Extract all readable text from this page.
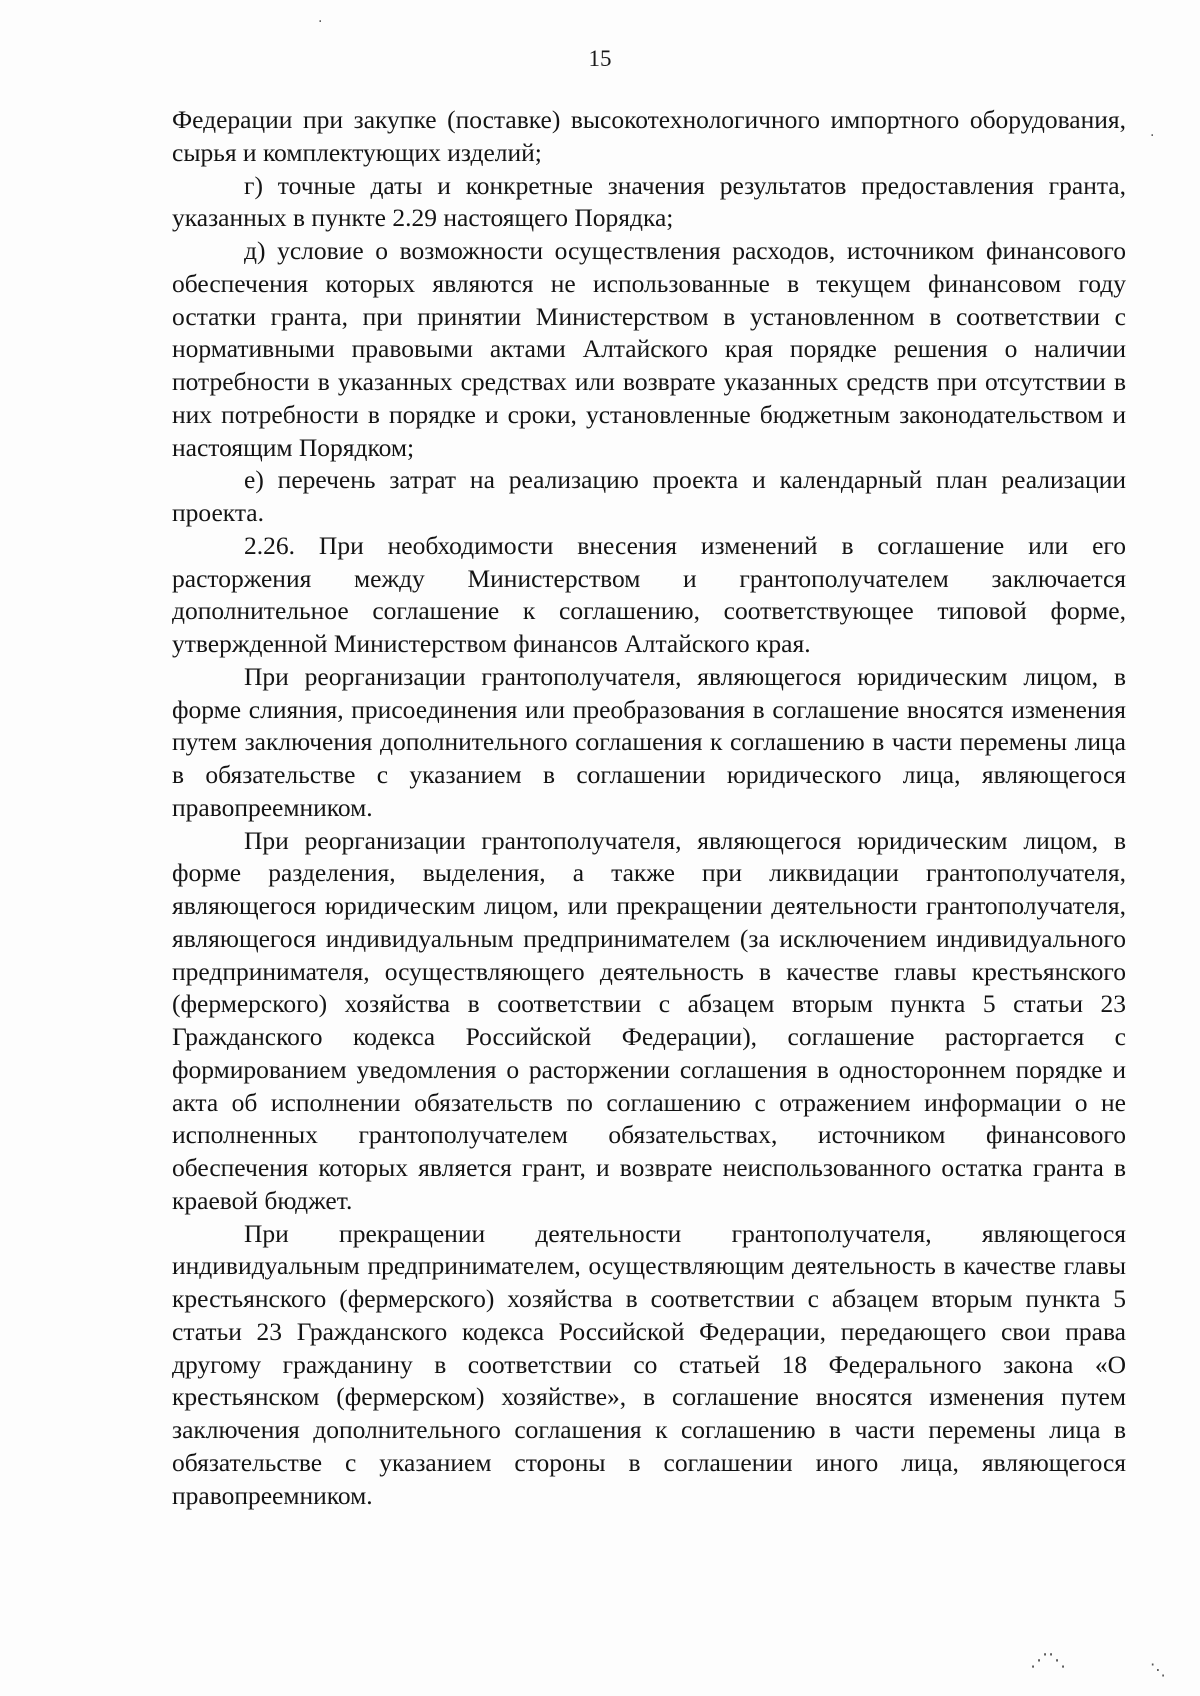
15

Федерации при закупке (поставке) высокотехнологичного импортного оборудования, сырья и комплектующих изделий;

г) точные даты и конкретные значения результатов предоставления гранта, указанных в пункте 2.29 настоящего Порядка;

д) условие о возможности осуществления расходов, источником финансового обеспечения которых являются не использованные в текущем финансовом году остатки гранта, при принятии Министерством в установленном в соответствии с нормативными правовыми актами Алтайского края порядке решения о наличии потребности в указанных средствах или возврате указанных средств при отсутствии в них потребности в порядке и сроки, установленные бюджетным законодательством и настоящим Порядком;

е) перечень затрат на реализацию проекта и календарный план реализации проекта.

2.26. При необходимости внесения изменений в соглашение или его расторжения между Министерством и грантополучателем заключается дополнительное соглашение к соглашению, соответствующее типовой форме, утвержденной Министерством финансов Алтайского края.

При реорганизации грантополучателя, являющегося юридическим лицом, в форме слияния, присоединения или преобразования в соглашение вносятся изменения путем заключения дополнительного соглашения к соглашению в части перемены лица в обязательстве с указанием в соглашении юридического лица, являющегося правопреемником.

При реорганизации грантополучателя, являющегося юридическим лицом, в форме разделения, выделения, а также при ликвидации грантополучателя, являющегося юридическим лицом, или прекращении деятельности грантополучателя, являющегося индивидуальным предпринимателем (за исключением индивидуального предпринимателя, осуществляющего деятельность в качестве главы крестьянского (фермерского) хозяйства в соответствии с абзацем вторым пункта 5 статьи 23 Гражданского кодекса Российской Федерации), соглашение расторгается с формированием уведомления о расторжении соглашения в одностороннем порядке и акта об исполнении обязательств по соглашению с отражением информации о не исполненных грантополучателем обязательствах, источником финансового обеспечения которых является грант, и возврате неиспользованного остатка гранта в краевой бюджет.

При прекращении деятельности грантополучателя, являющегося индивидуальным предпринимателем, осуществляющим деятельность в качестве главы крестьянского (фермерского) хозяйства в соответствии с абзацем вторым пункта 5 статьи 23 Гражданского кодекса Российской Федерации, передающего свои права другому гражданину в соответствии со статьей 18 Федерального закона «О крестьянском (фермерском) хозяйстве», в соглашение вносятся изменения путем заключения дополнительного соглашения к соглашению в части перемены лица в обязательстве с указанием стороны в соглашении иного лица, являющегося правопреемником.

·
·
⋰⋱	⋱
